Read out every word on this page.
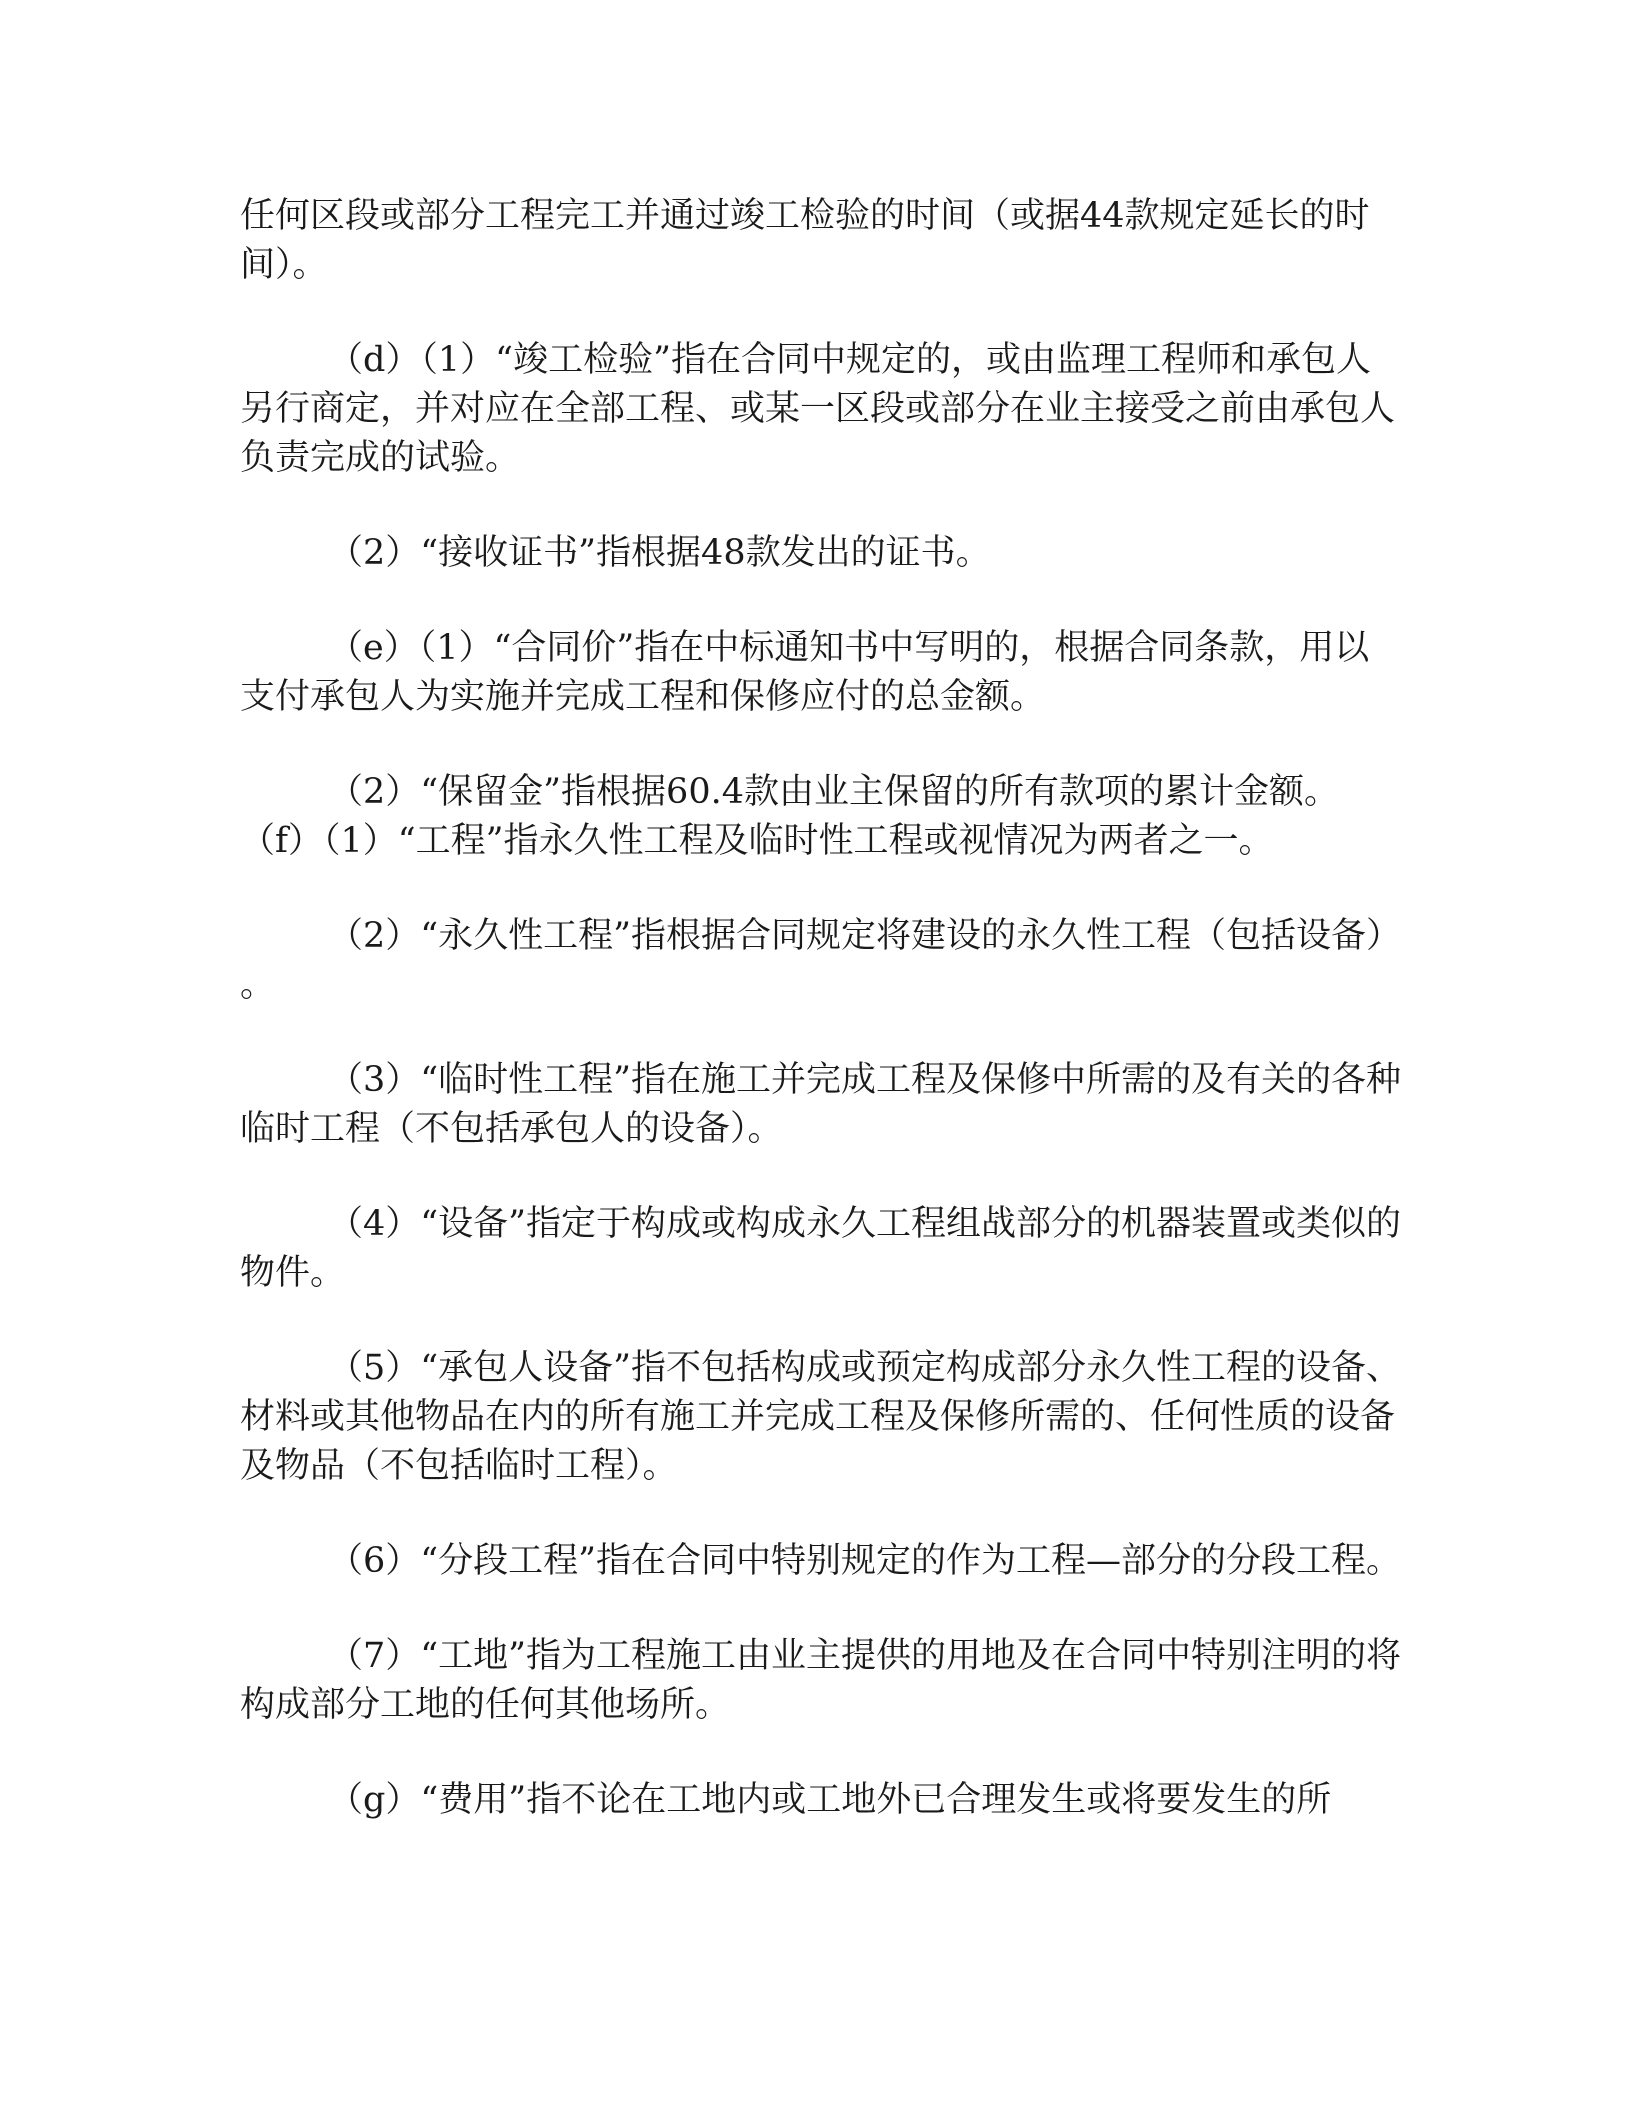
任何区段或部分工程完工并通过竣工检验的时间（或据44款规定延长的时间）。

（d）（1）“竣工检验”指在合同中规定的，或由监理工程师和承包人另行商定，并对应在全部工程、或某一区段或部分在业主接受之前由承包人负责完成的试验。

（2）“接收证书”指根据48款发出的证书。

（e）（1）“合同价”指在中标通知书中写明的，根据合同条款，用以支付承包人为实施并完成工程和保修应付的总金额。

（2）“保留金”指根据60.4款由业主保留的所有款项的累计金额。

（f）（1）“工程”指永久性工程及临时性工程或视情况为两者之一。

（2）“永久性工程”指根据合同规定将建设的永久性工程（包括设备）。

（3）“临时性工程”指在施工并完成工程及保修中所需的及有关的各种临时工程（不包括承包人的设备）。

（4）“设备”指定于构成或构成永久工程组战部分的机器装置或类似的物件。

（5）“承包人设备”指不包括构成或预定构成部分永久性工程的设备、材料或其他物品在内的所有施工并完成工程及保修所需的、任何性质的设备及物品（不包括临时工程）。

（6）“分段工程”指在合同中特别规定的作为工程—部分的分段工程。

（7）“工地”指为工程施工由业主提供的用地及在合同中特别注明的将构成部分工地的任何其他场所。

（g）“费用”指不论在工地内或工地外已合理发生或将要发生的所
